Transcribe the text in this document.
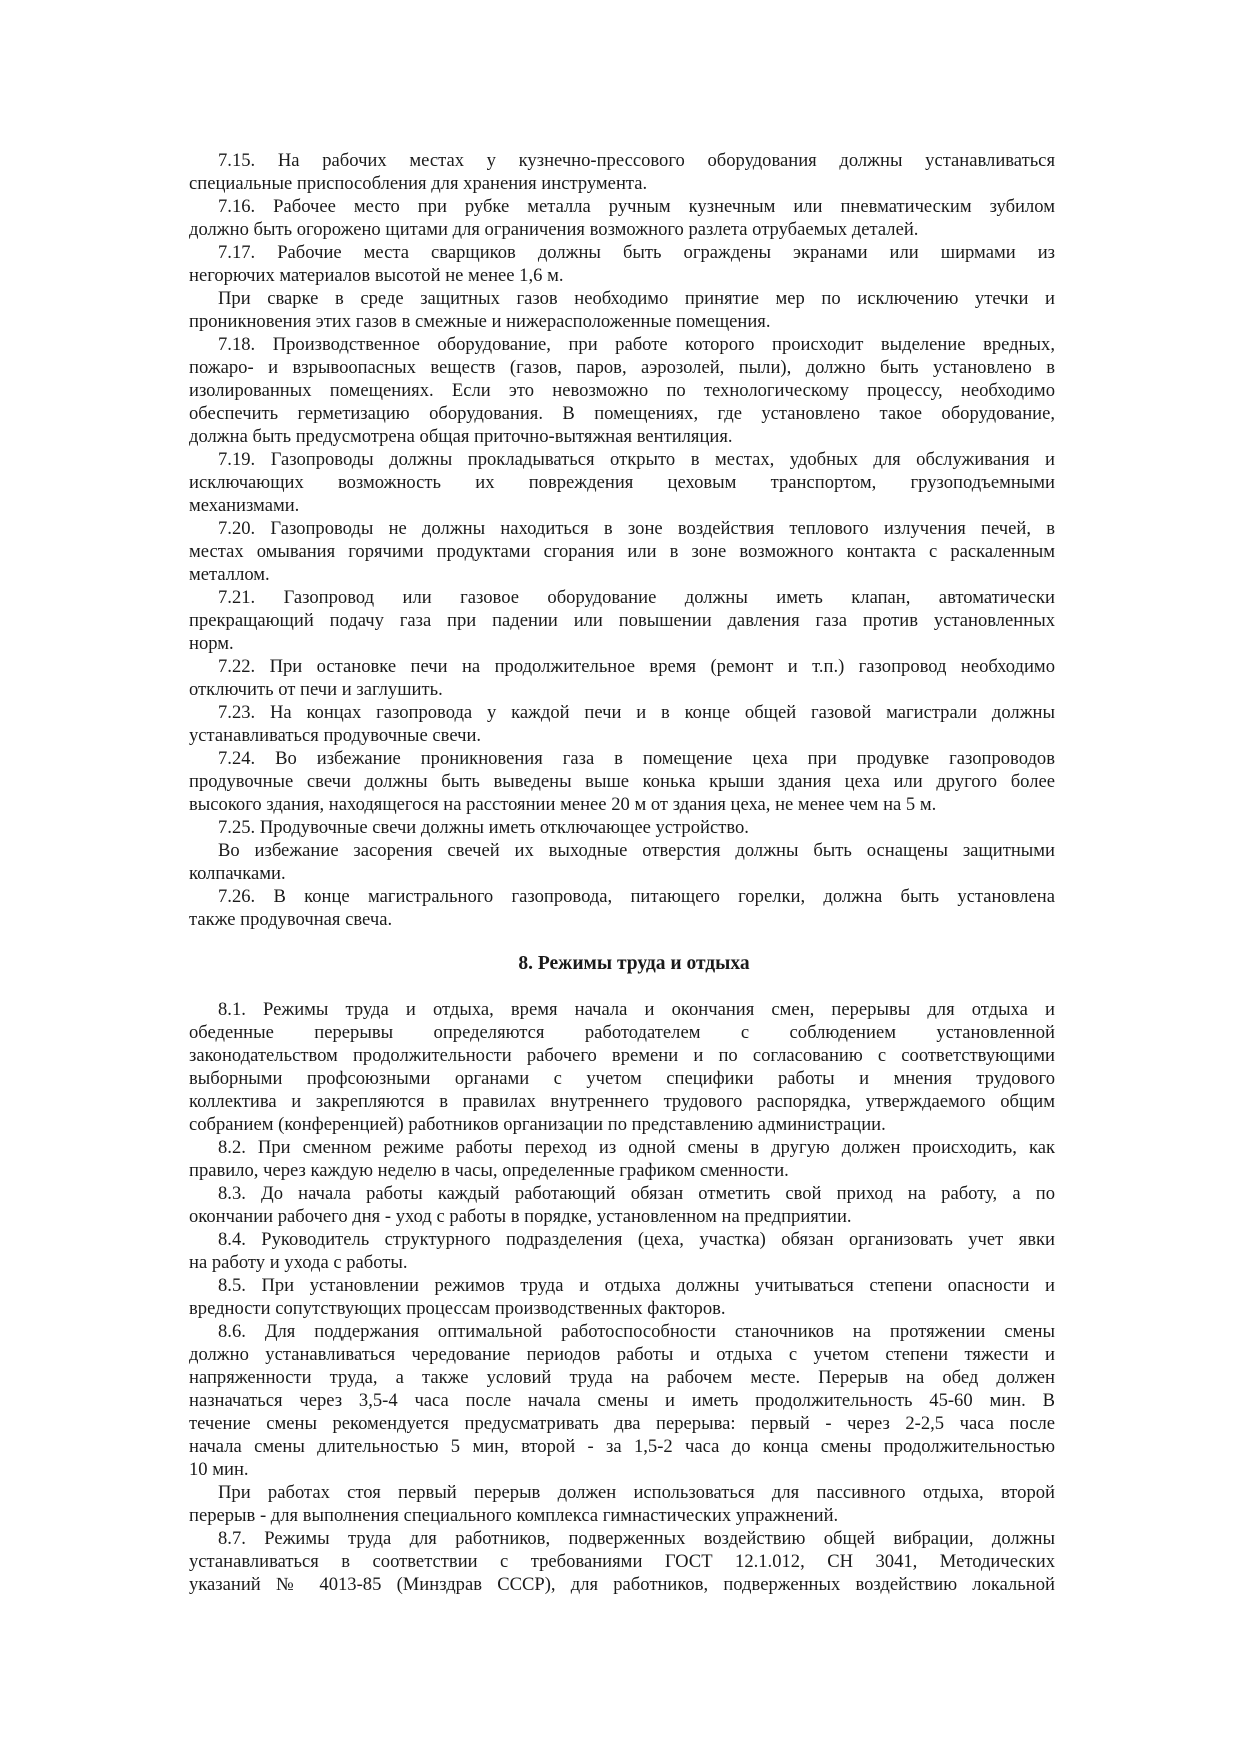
7.15. На рабочих местах у кузнечно-прессового оборудования должны устанавливаться
специальные приспособления для хранения инструмента.
7.16. Рабочее место при рубке металла ручным кузнечным или пневматическим зубилом
должно быть огорожено щитами для ограничения возможного разлета отрубаемых деталей.
7.17. Рабочие места сварщиков должны быть ограждены экранами или ширмами из
негорючих материалов высотой не менее 1,6 м.
При сварке в среде защитных газов необходимо принятие мер по исключению утечки и
проникновения этих газов в смежные и нижерасположенные помещения.
7.18. Производственное оборудование, при работе которого происходит выделение вредных,
пожаро- и взрывоопасных веществ (газов, паров, аэрозолей, пыли), должно быть установлено в
изолированных помещениях. Если это невозможно по технологическому процессу, необходимо
обеспечить герметизацию оборудования. В помещениях, где установлено такое оборудование,
должна быть предусмотрена общая приточно-вытяжная вентиляция.
7.19. Газопроводы должны прокладываться открыто в местах, удобных для обслуживания и
исключающих возможность их повреждения цеховым транспортом, грузоподъемными
механизмами.
7.20. Газопроводы не должны находиться в зоне воздействия теплового излучения печей, в
местах омывания горячими продуктами сгорания или в зоне возможного контакта с раскаленным
металлом.
7.21. Газопровод или газовое оборудование должны иметь клапан, автоматически
прекращающий подачу газа при падении или повышении давления газа против установленных
норм.
7.22. При остановке печи на продолжительное время (ремонт и т.п.) газопровод необходимо
отключить от печи и заглушить.
7.23. На концах газопровода у каждой печи и в конце общей газовой магистрали должны
устанавливаться продувочные свечи.
7.24. Во избежание проникновения газа в помещение цеха при продувке газопроводов
продувочные свечи должны быть выведены выше конька крыши здания цеха или другого более
высокого здания, находящегося на расстоянии менее 20 м от здания цеха, не менее чем на 5 м.
7.25. Продувочные свечи должны иметь отключающее устройство.
Во избежание засорения свечей их выходные отверстия должны быть оснащены защитными
колпачками.
7.26. В конце магистрального газопровода, питающего горелки, должна быть установлена
также продувочная свеча.
8. Режимы труда и отдыха
8.1. Режимы труда и отдыха, время начала и окончания смен, перерывы для отдыха и
обеденные перерывы определяются работодателем с соблюдением установленной
законодательством продолжительности рабочего времени и по согласованию с соответствующими
выборными профсоюзными органами с учетом специфики работы и мнения трудового
коллектива и закрепляются в правилах внутреннего трудового распорядка, утверждаемого общим
собранием (конференцией) работников организации по представлению администрации.
8.2. При сменном режиме работы переход из одной смены в другую должен происходить, как
правило, через каждую неделю в часы, определенные графиком сменности.
8.3. До начала работы каждый работающий обязан отметить свой приход на работу, а по
окончании рабочего дня - уход с работы в порядке, установленном на предприятии.
8.4. Руководитель структурного подразделения (цеха, участка) обязан организовать учет явки
на работу и ухода с работы.
8.5. При установлении режимов труда и отдыха должны учитываться степени опасности и
вредности сопутствующих процессам производственных факторов.
8.6. Для поддержания оптимальной работоспособности станочников на протяжении смены
должно устанавливаться чередование периодов работы и отдыха с учетом степени тяжести и
напряженности труда, а также условий труда на рабочем месте. Перерыв на обед должен
назначаться через 3,5-4 часа после начала смены и иметь продолжительность 45-60 мин. В
течение смены рекомендуется предусматривать два перерыва: первый - через 2-2,5 часа после
начала смены длительностью 5 мин, второй - за 1,5-2 часа до конца смены продолжительностью
10 мин.
При работах стоя первый перерыв должен использоваться для пассивного отдыха, второй
перерыв - для выполнения специального комплекса гимнастических упражнений.
8.7. Режимы труда для работников, подверженных воздействию общей вибрации, должны
устанавливаться в соответствии с требованиями ГОСТ 12.1.012, СН 3041, Методических
указаний № 4013-85 (Минздрав СССР), для работников, подверженных воздействию локальной
